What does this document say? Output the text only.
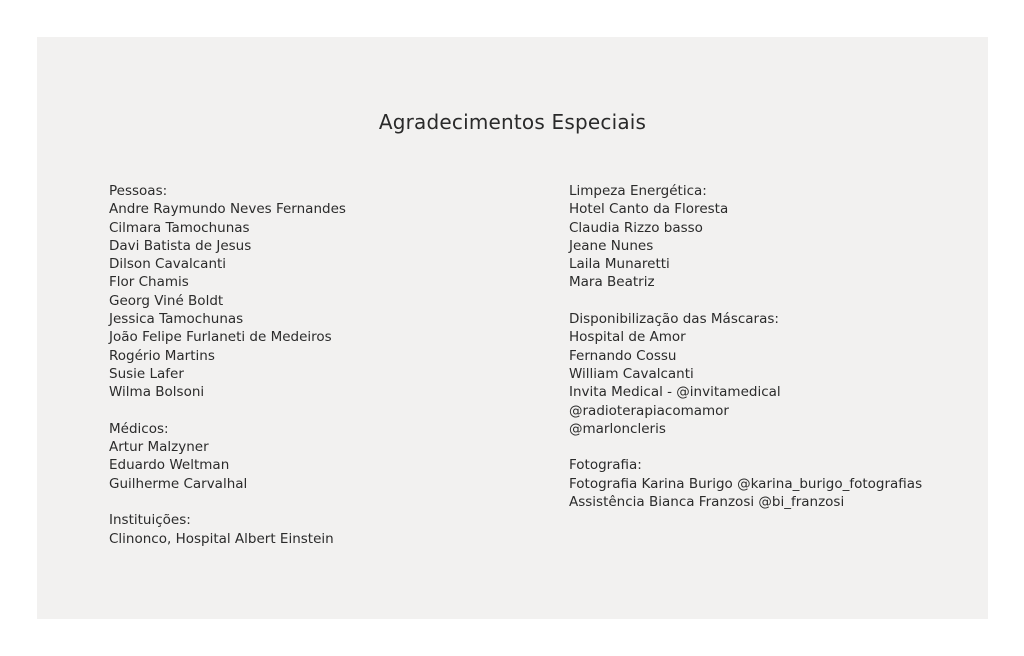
Agradecimentos Especiais
Pessoas:
Andre Raymundo Neves Fernandes
Cilmara Tamochunas
Davi Batista de Jesus
Dilson Cavalcanti
Flor Chamis
Georg Viné Boldt
Jessica Tamochunas
João Felipe Furlaneti de Medeiros
Rogério Martins
Susie Lafer
Wilma Bolsoni
Médicos:
Artur Malzyner
Eduardo Weltman
Guilherme Carvalhal
Instituições:
Clinonco, Hospital Albert Einstein
Limpeza Energética:
Hotel Canto da Floresta
Claudia Rizzo basso
Jeane Nunes
Laila Munaretti
Mara Beatriz
Disponibilização das Máscaras:
Hospital de Amor
Fernando Cossu
William Cavalcanti
Invita Medical - @invitamedical
@radioterapiacomamor
@marloncleris
Fotografia:
Fotografia Karina Burigo @karina_burigo_fotografias
Assistência Bianca Franzosi @bi_franzosi
